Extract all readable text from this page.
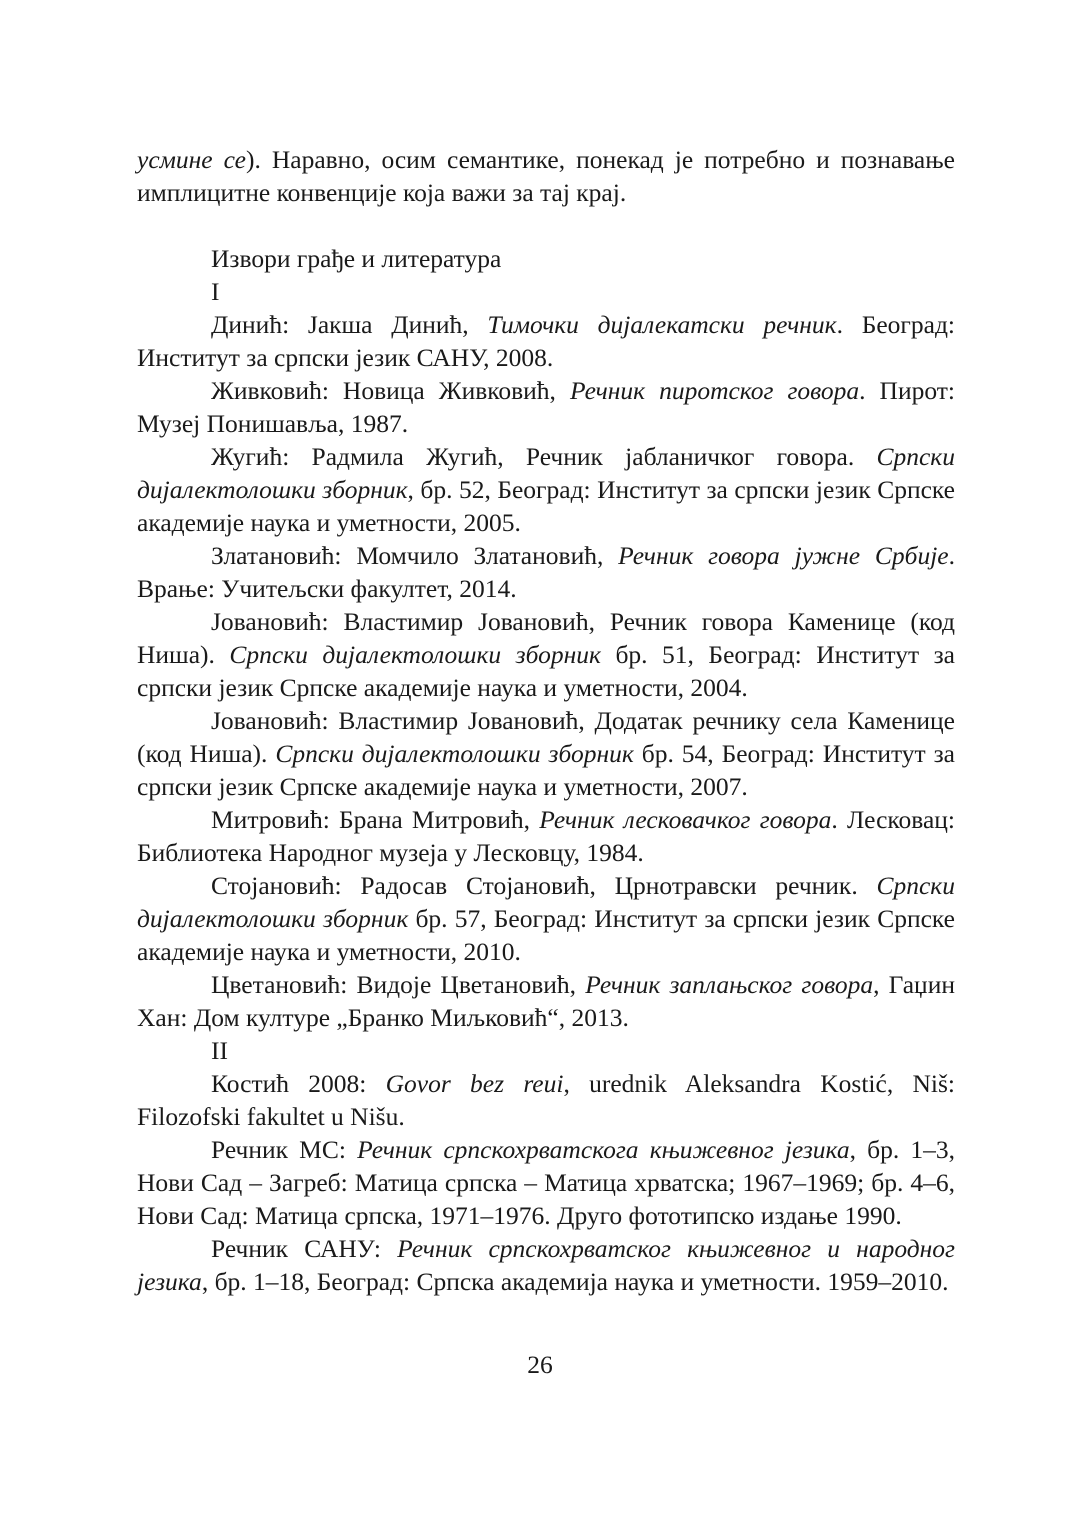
усмине се). Наравно, осим семантике, понекад је потребно и познавање имплицитне конвенције која важи за тај крај.

Извори грађе и литература

I

Динић: Јакша Динић, Тимочки дијалекатски речник. Београд: Институт за српски језик САНУ, 2008.

Живковић: Новица Живковић, Речник пиротског говора. Пирот: Музеј Понишавља, 1987.

Жугић: Радмила Жугић, Речник јабланичког говора. Српски дијалектолошки зборник, бр. 52, Београд: Институт за српски језик Српске академије наука и уметности, 2005.

Златановић: Момчило Златановић, Речник говора јужне Србије. Врање: Учитељски факултет, 2014.

Јовановић: Властимир Јовановић, Речник говора Каменице (код Ниша). Српски дијалектолошки зборник бр. 51, Београд: Институт за српски језик Српске академије наука и уметности, 2004.

Јовановић: Властимир Јовановић, Додатак речнику села Каменице (код Ниша). Српски дијалектолошки зборник бр. 54, Београд: Институт за српски језик Српске академије наука и уметности, 2007.

Митровић: Брана Митровић, Речник лесковачког говора. Лесковац: Библиотека Народног музеја у Лесковцу, 1984.

Стојановић: Радосав Стојановић, Црнотравски речник. Српски дијалектолошки зборник бр. 57, Београд: Институт за српски језик Српске академије наука и уметности, 2010.

Цветановић: Видоје Цветановић, Речник заплањског говора, Гаџин Хан: Дом културе „Бранко Миљковић“, 2013.

II

Костић 2008: Govor bez reui, urednik Aleksandra Kostić, Niš: Filozofski fakultet u Nišu.

Речник МС: Речник српскохрватскога књижевног језика, бр. 1–3, Нови Сад – Загреб: Матица српска – Матица хрватска; 1967–1969; бр. 4–6, Нови Сад: Матица српска, 1971–1976. Друго фототипско издање 1990.

Речник САНУ: Речник српскохрватског књижевног и народног језика, бр. 1–18, Београд: Српска академија наука и уметности. 1959–2010.

26
